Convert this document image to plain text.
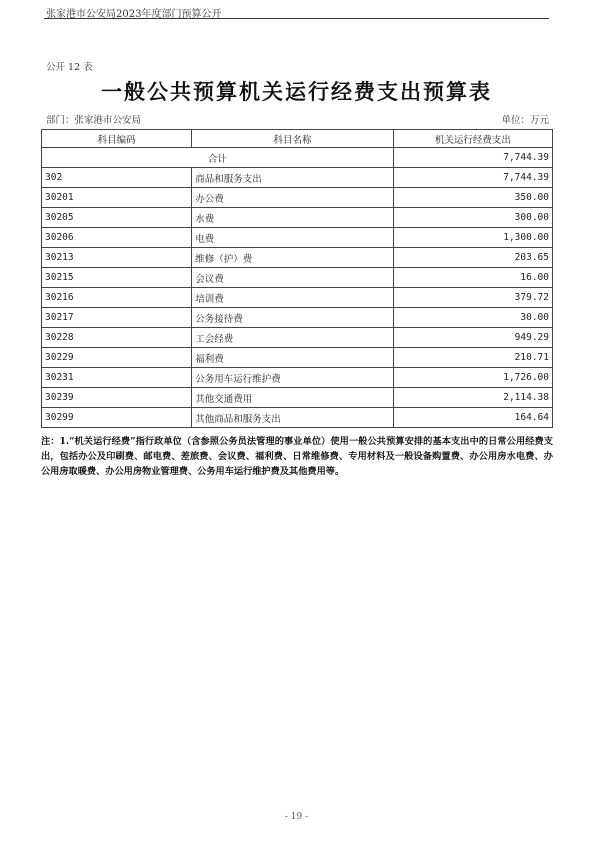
张家港市公安局2023年度部门预算公开
公开 12 表
一般公共预算机关运行经费支出预算表
部门：张家港市公安局	单位：万元
科目编码	科目名称	机关运行经费支出
合计		7,744.39
302	商品和服务支出	7,744.39
30201	办公费	350.00
30205	水费	300.00
30206	电费	1,300.00
30213	维修（护）费	203.65
30215	会议费	16.00
30216	培训费	379.72
30217	公务接待费	30.00
30228	工会经费	949.29
30229	福利费	210.71
30231	公务用车运行维护费	1,726.00
30239	其他交通费用	2,114.38
30299	其他商品和服务支出	164.64
注：1.“机关运行经费”指行政单位（含参照公务员法管理的事业单位）使用一般公共预算安排的基本支出中的日常公用经费支出，包括办公及印刷费、邮电费、差旅费、会议费、福利费、日常维修费、专用材料及一般设备购置费、办公用房水电费、办公用房取暖费、办公用房物业管理费、公务用车运行维护费及其他费用等。
- 19 -
